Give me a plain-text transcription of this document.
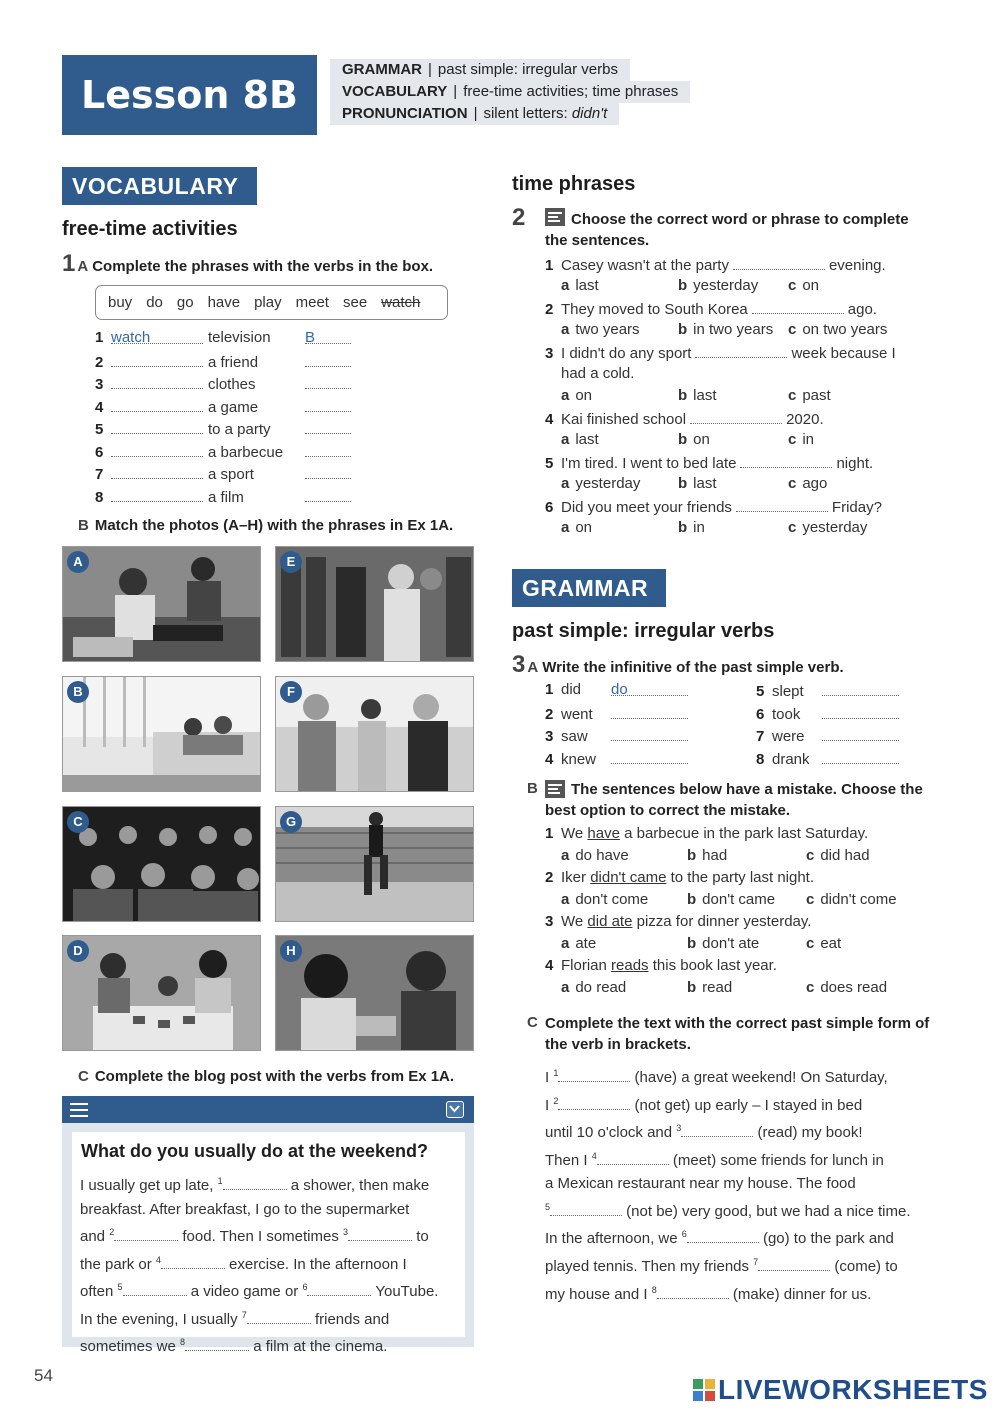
Lesson 8B
GRAMMAR | past simple: irregular verbs
VOCABULARY | free-time activities; time phrases
PRONUNCIATION | silent letters: didn't
VOCABULARY
free-time activities
1 A Complete the phrases with the verbs in the box.
buy do go have play meet see watch
1 watch	television B
2	a friend
3	clothes
4	a game
5	to a party
6	a barbecue
7	a sport
8	a film
B Match the photos (A–H) with the phrases in Ex 1A.
A
B
C
D
E
F
G
H
C Complete the blog post with the verbs from Ex 1A.
What do you usually do at the weekend?
I usually get up late, $^1$	a shower, then make
breakfast. After breakfast, I go to the supermarket
and $^2$	food. Then I sometimes $^3$	to
the park or $^4$	exercise. In the afternoon I
often $^5$	a video game or $^6$	YouTube.
In the evening, I usually $^7$	friends and
sometimes we $^8$	a film at the cinema.
time phrases
2	Choose the correct word or phrase to complete the sentences.
1 Casey wasn't at the party	evening.
a last	b yesterday c on
2 They moved to South Korea	ago.
a two years	b in two years c on two years
3 I didn't do any sport	week because I
had a cold.
a on	b last	c past
4 Kai finished school	2020.
a last	b on	c in
5 I'm tired. I went to bed late	night.
a yesterday	b last	c ago
6 Did you meet your friends	Friday?
a on	b in	c yesterday
GRAMMAR
past simple: irregular verbs
3 A Write the infinitive of the past simple verb.
1 did do
2 went
3 saw
4 knew
5 slept
6 took
7 were
8 drank
B	The sentences below have a mistake. Choose the best option to correct the mistake.
1 We have a barbecue in the park last Saturday.
a do have	b had	c did had
2 Iker didn't came to the party last night.
a don't come	b don't came c didn't come
3 We did ate pizza for dinner yesterday.
a ate	b don't ate	c eat
4 Florian reads this book last year.
a do read	b read	c does read
C Complete the text with the correct past simple form of the verb in brackets.
I $^1$	(have) a great weekend! On Saturday,
I $^2$	(not get) up early – I stayed in bed
until 10 o'clock and $^3$	(read) my book!
Then I $^4$	(meet) some friends for lunch in
a Mexican restaurant near my house. The food
$^5$	(not be) very good, but we had a nice time.
In the afternoon, we $^6$	(go) to the park and
played tennis. Then my friends $^7$	(come) to
my house and I $^8$	(make) dinner for us.
54	LIVEWORKSHEETS
